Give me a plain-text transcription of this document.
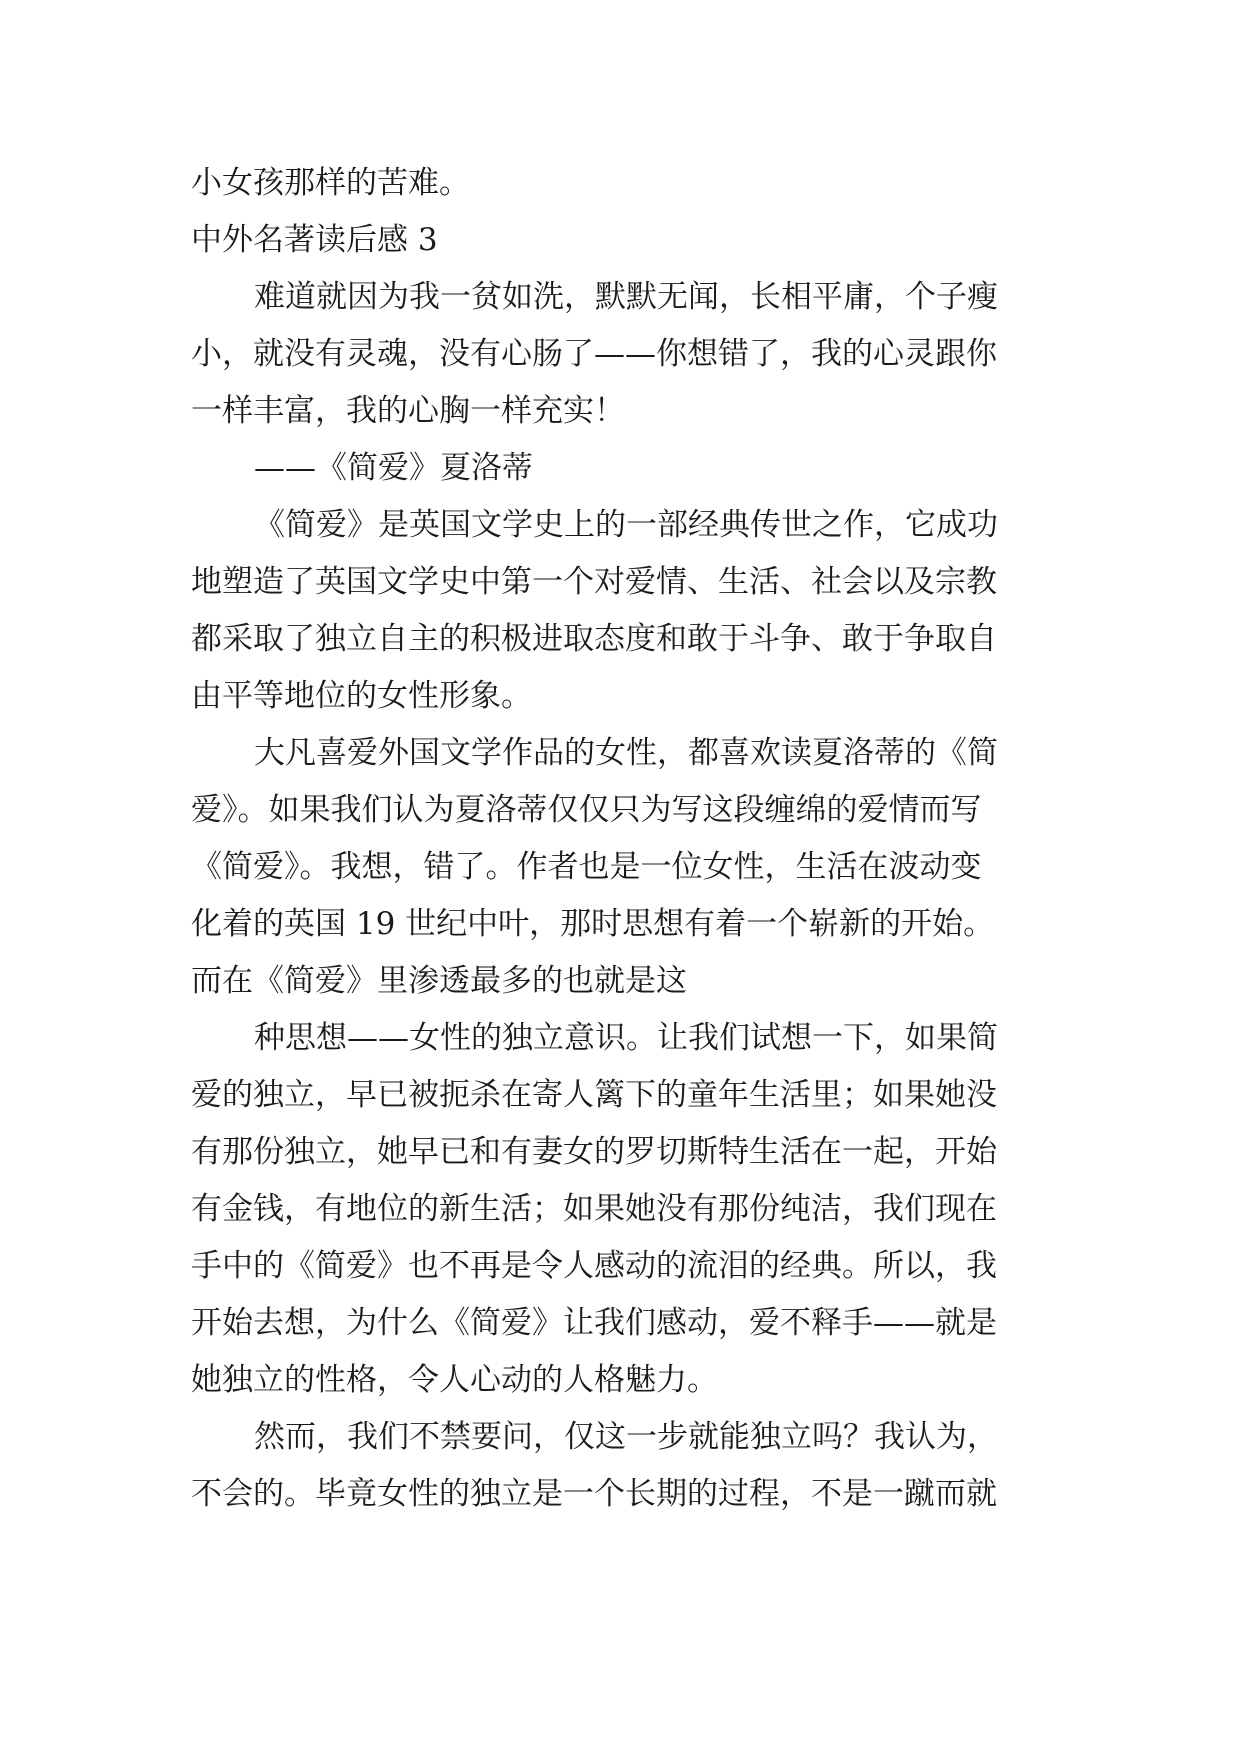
小女孩那样的苦难。
中外名著读后感 3
难道就因为我一贫如洗，默默无闻，长相平庸，个子瘦
小，就没有灵魂，没有心肠了——你想错了，我的心灵跟你
一样丰富，我的心胸一样充实！
——《简爱》夏洛蒂
《简爱》是英国文学史上的一部经典传世之作，它成功
地塑造了英国文学史中第一个对爱情、生活、社会以及宗教
都采取了独立自主的积极进取态度和敢于斗争、敢于争取自
由平等地位的女性形象。
大凡喜爱外国文学作品的女性，都喜欢读夏洛蒂的《简
爱》。如果我们认为夏洛蒂仅仅只为写这段缠绵的爱情而写
《简爱》。我想，错了。作者也是一位女性，生活在波动变
化着的英国 19 世纪中叶，那时思想有着一个崭新的开始。
而在《简爱》里渗透最多的也就是这
种思想——女性的独立意识。让我们试想一下，如果简
爱的独立，早已被扼杀在寄人篱下的童年生活里；如果她没
有那份独立，她早已和有妻女的罗切斯特生活在一起，开始
有金钱，有地位的新生活；如果她没有那份纯洁，我们现在
手中的《简爱》也不再是令人感动的流泪的经典。所以，我
开始去想，为什么《简爱》让我们感动，爱不释手——就是
她独立的性格，令人心动的人格魅力。
然而，我们不禁要问，仅这一步就能独立吗？我认为，
不会的。毕竟女性的独立是一个长期的过程，不是一蹴而就
